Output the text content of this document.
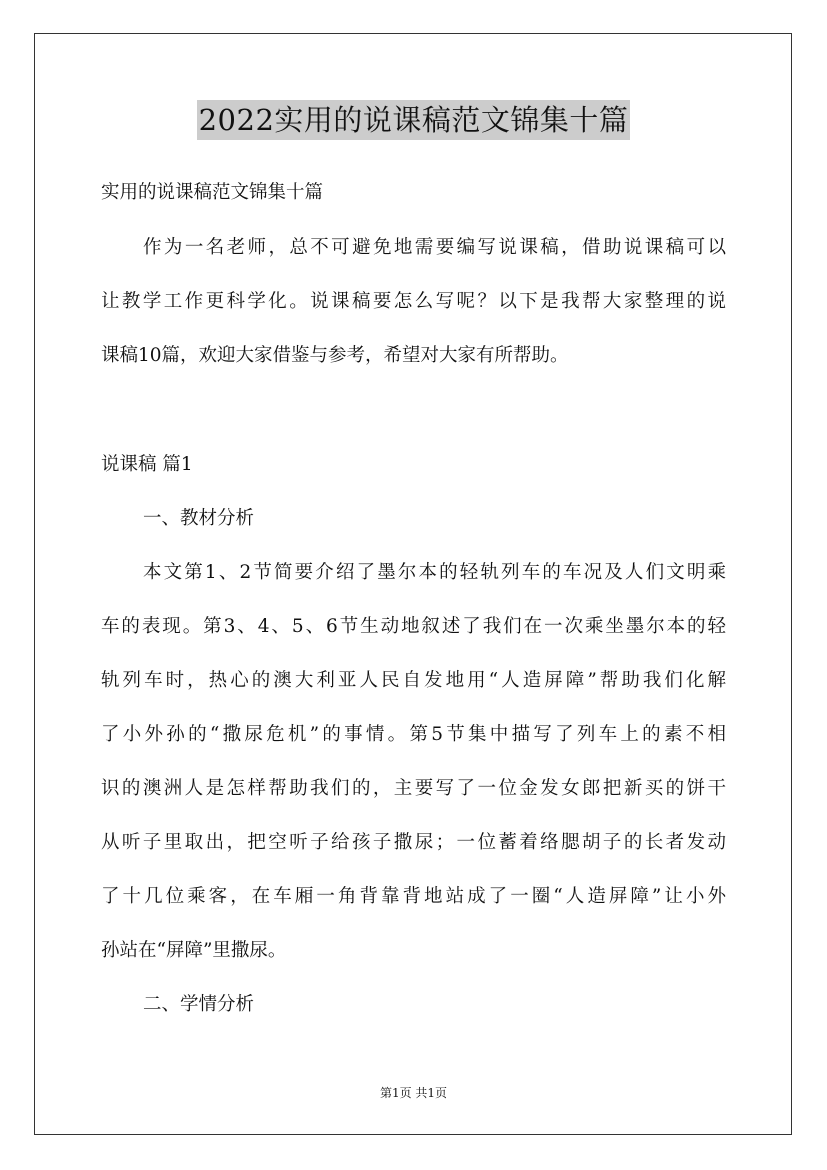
2022实用的说课稿范文锦集十篇
实用的说课稿范文锦集十篇
作为一名老师，总不可避免地需要编写说课稿，借助说课稿可以
让教学工作更科学化。说课稿要怎么写呢？以下是我帮大家整理的说
课稿10篇，欢迎大家借鉴与参考，希望对大家有所帮助。
说课稿 篇1
一、教材分析
本文第1、2节简要介绍了墨尔本的轻轨列车的车况及人们文明乘
车的表现。第3、4、5、6节生动地叙述了我们在一次乘坐墨尔本的轻
轨列车时，热心的澳大利亚人民自发地用“人造屏障”帮助我们化解
了小外孙的“撒尿危机”的事情。第5节集中描写了列车上的素不相
识的澳洲人是怎样帮助我们的，主要写了一位金发女郎把新买的饼干
从听子里取出，把空听子给孩子撒尿；一位蓄着络腮胡子的长者发动
了十几位乘客，在车厢一角背靠背地站成了一圈“人造屏障”让小外
孙站在“屏障”里撒尿。
二、学情分析
第1页 共1页
